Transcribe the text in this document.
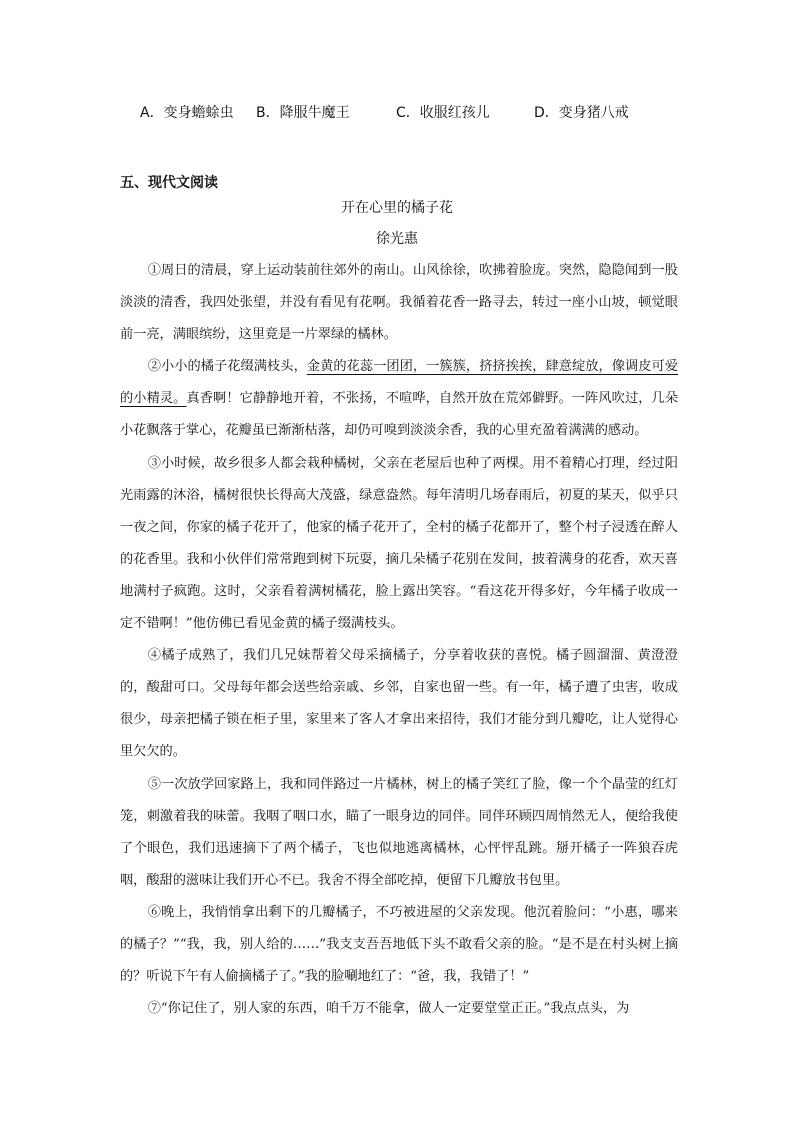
A．变身蟾蜍虫 B．降服牛魔王	C．收服红孩儿	D．变身猪八戒
五、现代文阅读
开在心里的橘子花
徐光惠

①周日的清晨，穿上运动装前往郊外的南山。山风徐徐，吹拂着脸庞。突然，隐隐闻到一股淡淡的清香，我四处张望，并没有看见有花啊。我循着花香一路寻去，转过一座小山坡，顿觉眼前一亮，满眼缤纷，这里竟是一片翠绿的橘林。

②小小的橘子花缀满枝头，金黄的花蕊一团团，一簇簇，挤挤挨挨，肆意绽放，像调皮可爱的小精灵。真香啊！它静静地开着，不张扬，不喧哗，自然开放在荒郊僻野。一阵风吹过，几朵小花飘落于掌心，花瓣虽已渐渐枯落，却仍可嗅到淡淡余香，我的心里充盈着满满的感动。

③小时候，故乡很多人都会栽种橘树，父亲在老屋后也种了两棵。用不着精心打理，经过阳光雨露的沐浴，橘树很快长得高大茂盛，绿意盎然。每年清明几场春雨后，初夏的某天，似乎只一夜之间，你家的橘子花开了，他家的橘子花开了，全村的橘子花都开了，整个村子浸透在醉人的花香里。我和小伙伴们常常跑到树下玩耍，摘几朵橘子花别在发间，披着满身的花香，欢天喜地满村子疯跑。这时，父亲看着满树橘花，脸上露出笑容。“看这花开得多好，今年橘子收成一定不错啊！”他仿佛已看见金黄的橘子缀满枝头。

④橘子成熟了，我们几兄妹帮着父母采摘橘子，分享着收获的喜悦。橘子圆溜溜、黄澄澄的，酸甜可口。父母每年都会送些给亲戚、乡邻，自家也留一些。有一年，橘子遭了虫害，收成很少，母亲把橘子锁在柜子里，家里来了客人才拿出来招待，我们才能分到几瓣吃，让人觉得心里欠欠的。

⑤一次放学回家路上，我和同伴路过一片橘林，树上的橘子笑红了脸，像一个个晶莹的红灯笼，刺激着我的味蕾。我咽了咽口水，瞄了一眼身边的同伴。同伴环顾四周悄然无人，便给我使了个眼色，我们迅速摘下了两个橘子，飞也似地逃离橘林，心怦怦乱跳。掰开橘子一阵狼吞虎咽，酸甜的滋味让我们开心不已。我舍不得全部吃掉，便留下几瓣放书包里。

⑥晚上，我悄悄拿出剩下的几瓣橘子，不巧被进屋的父亲发现。他沉着脸问：“小惠，哪来的橘子？”“我，我，别人给的……”我支支吾吾地低下头不敢看父亲的脸。“是不是在村头树上摘的？听说下午有人偷摘橘子了。”我的脸唰地红了：“爸，我，我错了！”

⑦“你记住了，别人家的东西，咱千万不能拿，做人一定要堂堂正正。”我点点头，为
